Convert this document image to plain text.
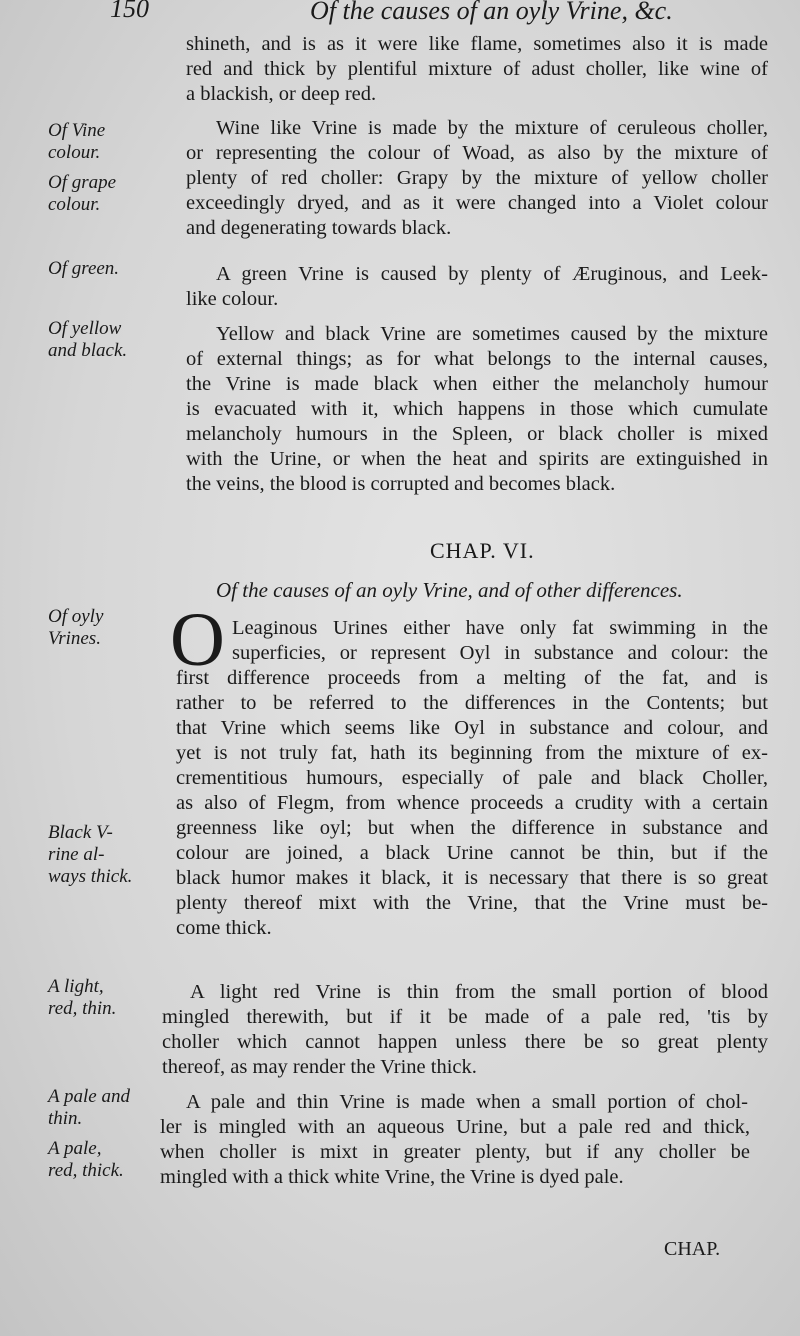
150	Of the causes of an oyly Vrine, &c.
shineth, and is as it were like flame, sometimes also it is made
red and thick by plentiful mixture of adust choller, like wine of
a blackish, or deep red.
Of Vine
colour.
Of grape
colour.
Wine like Vrine is made by the mixture of ceruleous choller,
or representing the colour of Woad, as also by the mixture of
plenty of red choller: Grapy by the mixture of yellow choller
exceedingly dryed, and as it were changed into a Violet colour
and degenerating towards black.
Of green.	A green Vrine is caused by plenty of Æruginous, and Leek-
like colour.
Of yellow
and black.
Yellow and black Vrine are sometimes caused by the mixture
of external things; as for what belongs to the internal causes,
the Vrine is made black when either the melancholy humour
is evacuated with it, which happens in those which cumulate
melancholy humours in the Spleen, or black choller is mixed
with the Urine, or when the heat and spirits are extinguished in
the veins, the blood is corrupted and becomes black.
CHAP. VI.
Of the causes of an oyly Vrine, and of other differences.
Of oyly
Vrines. O Leaginous Urines either have only fat swimming in the
superficies, or represent Oyl in substance and colour: the
first difference proceeds from a melting of the fat, and is
rather to be referred to the differences in the Contents; but
that Vrine which seems like Oyl in substance and colour, and
yet is not truly fat, hath its beginning from the mixture of ex-
crementitious humours, especially of pale and black Choller,
as also of Flegm, from whence proceeds a crudity with a certain
greenness like oyl; but when the difference in substance and
colour are joined, a black Urine cannot be thin, but if the
black humor makes it black, it is necessary that there is so great
plenty thereof mixt with the Vrine, that the Vrine must be-
come thick.
Black V-
rine al-
ways thick.
A light,
red, thin.
A light red Vrine is thin from the small portion of blood
mingled therewith, but if it be made of a pale red, 'tis by
choller which cannot happen unless there be so great plenty
thereof, as may render the Vrine thick.
A pale and
thin.
A pale,
red, thick.
A pale and thin Vrine is made when a small portion of chol-
ler is mingled with an aqueous Urine, but a pale red and thick,
when choller is mixt in greater plenty, but if any choller be
mingled with a thick white Vrine, the Vrine is dyed pale.
CHAP.
